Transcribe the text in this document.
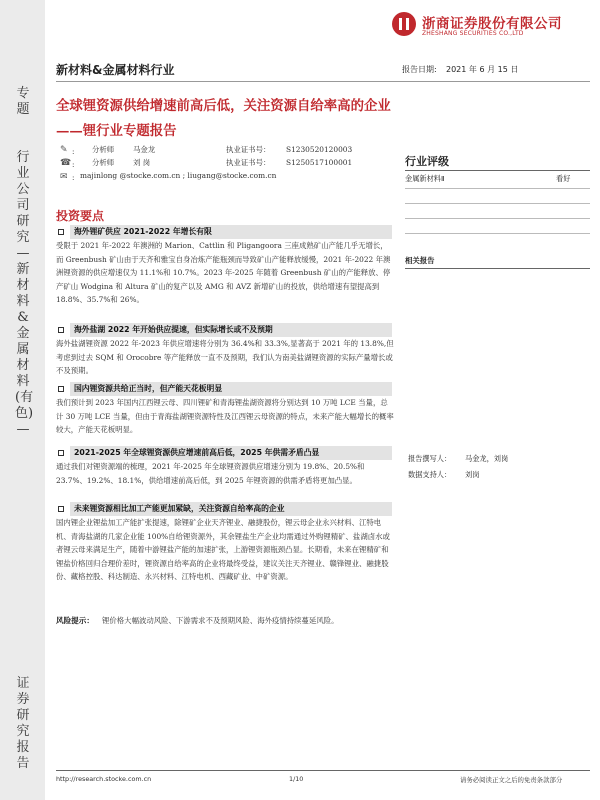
专题
行业公司研究—新材料&金属材料(有色)—
证券研究报告
浙商证券股份有限公司
ZHESHANG SECURITIES CO.,LTD
新材料&金属材料行业	报告日期: 2021 年 6 月 15 日
全球锂资源供给增速前高后低，关注资源自给率高的企业
——锂行业专题报告
✎
☎
✉
:
:
:
分析师	马金龙	执业证书号： S1230520120003
分析师	刘 岗	执业证书号： S1250517100001
majinlong @stocke.com.cn ; liugang@stocke.com.cn
行业评级
金属新材料Ⅱ	看好
相关报告
报告撰写人： 马金龙，刘岗
数据支持人： 刘岗
投资要点
海外锂矿供应 2021-2022 年增长有限
受限于 2021 年-2022 年澳洲的 Marion、Cattlin 和 Pligangoora 三座成熟矿山产能几乎无增长，而 Greenbush 矿山由于天齐和雅宝自身冶炼产能瓶颈而导致矿山产能释放缓慢，2021 年-2022 年澳洲锂资源的供应增速仅为 11.1%和 10.7%。2023 年-2025 年随着 Greenbush 矿山的产能释放、停产矿山 Wodgina 和 Altura 矿山的复产以及 AMG 和 AVZ 新增矿山的投放，供给增速有望提高到 18.8%、35.7%和 26%。
海外盐湖 2022 年开始供应提速，但实际增长或不及预期
海外盐湖锂资源 2022 年-2023 年供应增速将分别为 36.4%和 33.3%,显著高于 2021 年的 13.8%,但考虑到过去 SQM 和 Orocobre 等产能释放一直不及预期，我们认为南美盐湖锂资源的实际产量增长或不及预期。
国内锂资源共给正当时，但产能天花板明显
我们预计到 2023 年国内江西锂云母、四川锂矿和青海锂盐湖资源将分别达到 10 万吨 LCE 当量，总计 30 万吨 LCE 当量，但由于青海盐湖锂资源特性及江西锂云母资源的特点，未来产能大幅增长的概率较大，产能天花板明显。
2021-2025 年全球锂资源供应增速前高后低，2025 年供需矛盾凸显
通过我们对锂资源端的梳理，2021 年-2025 年全球锂资源供应增速分别为 19.8%、20.5%和 23.7%、19.2%、18.1%，供给增速前高后低，到 2025 年锂资源的供需矛盾将更加凸显。
未来锂资源相比加工产能更加紧缺，关注资源自给率高的企业
国内锂企业锂盐加工产能扩张提速，除锂矿企业天齐锂业、融捷股份，锂云母企业永兴材料、江特电机、青海盐湖的几家企业能 100%自给锂资源外，其余锂盐生产企业均需通过外购锂精矿、盐湖卤水或者锂云母来满足生产，随着中游锂盐产能的加速扩张，上游锂资源瓶颈凸显。长期看，未来在锂精矿和锂盐价格回归合理价差时，锂资源自给率高的企业将最终受益，建议关注天齐锂业、赣锋锂业、融捷股份、藏格控股、科达制造、永兴材料、江特电机、西藏矿业、中矿资源。
风险提示：	锂价格大幅波动风险、下游需求不及预期风险、海外疫情持续蔓延风险。
http://research.stocke.com.cn	1/10	请务必阅读正文之后的免责条款部分
